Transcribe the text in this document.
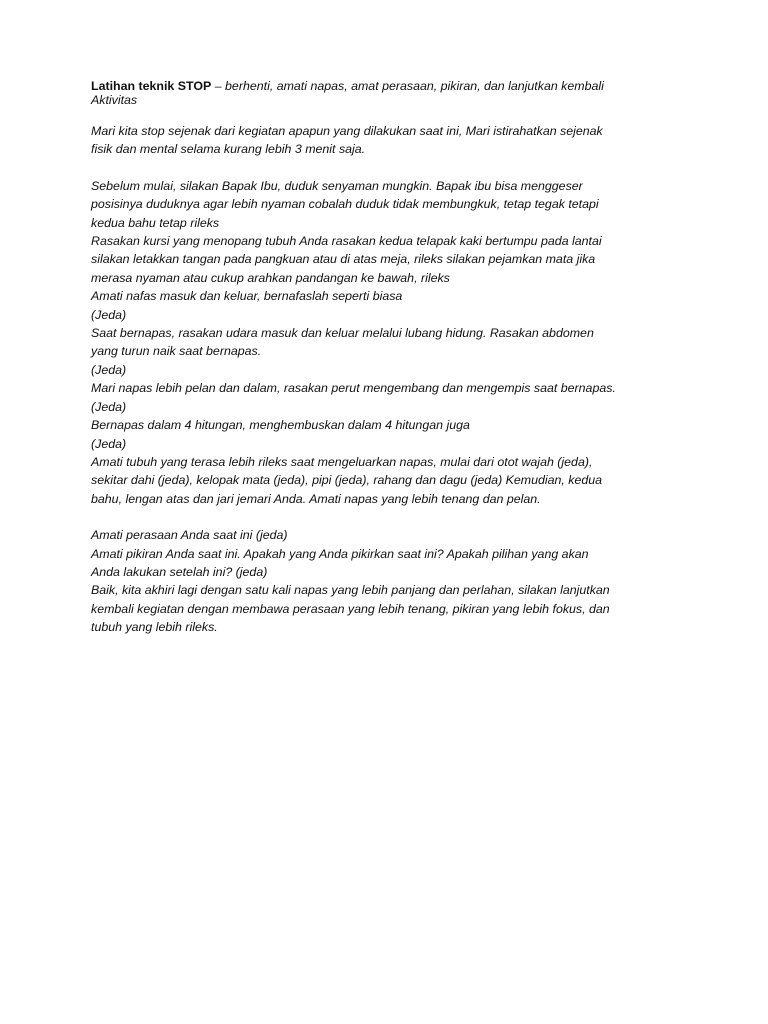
Latihan teknik STOP – berhenti, amati napas, amat perasaan, pikiran, dan lanjutkan kembali
Aktivitas
Mari kita stop sejenak dari kegiatan apapun yang dilakukan saat ini, Mari istirahatkan sejenak
fisik dan mental selama kurang lebih 3 menit saja.
Sebelum mulai, silakan Bapak Ibu, duduk senyaman mungkin. Bapak ibu bisa menggeser
posisinya duduknya agar lebih nyaman cobalah duduk tidak membungkuk, tetap tegak tetapi
kedua bahu tetap rileks
Rasakan kursi yang menopang tubuh Anda rasakan kedua telapak kaki bertumpu pada lantai
silakan letakkan tangan pada pangkuan atau di atas meja, rileks silakan pejamkan mata jika
merasa nyaman atau cukup arahkan pandangan ke bawah, rileks
Amati nafas masuk dan keluar, bernafaslah seperti biasa
(Jeda)
Saat bernapas, rasakan udara masuk dan keluar melalui lubang hidung. Rasakan abdomen
yang turun naik saat bernapas.
(Jeda)
Mari napas lebih pelan dan dalam, rasakan perut mengembang dan mengempis saat bernapas.
(Jeda)
Bernapas dalam 4 hitungan, menghembuskan dalam 4 hitungan juga
(Jeda)
Amati tubuh yang terasa lebih rileks saat mengeluarkan napas, mulai dari otot wajah (jeda),
sekitar dahi (jeda), kelopak mata (jeda), pipi (jeda), rahang dan dagu (jeda) Kemudian, kedua
bahu, lengan atas dan jari jemari Anda. Amati napas yang lebih tenang dan pelan.
Amati perasaan Anda saat ini (jeda)
Amati pikiran Anda saat ini. Apakah yang Anda pikirkan saat ini? Apakah pilihan yang akan
Anda lakukan setelah ini? (jeda)
Baik, kita akhiri lagi dengan satu kali napas yang lebih panjang dan perlahan, silakan lanjutkan
kembali kegiatan dengan membawa perasaan yang lebih tenang, pikiran yang lebih fokus, dan
tubuh yang lebih rileks.
